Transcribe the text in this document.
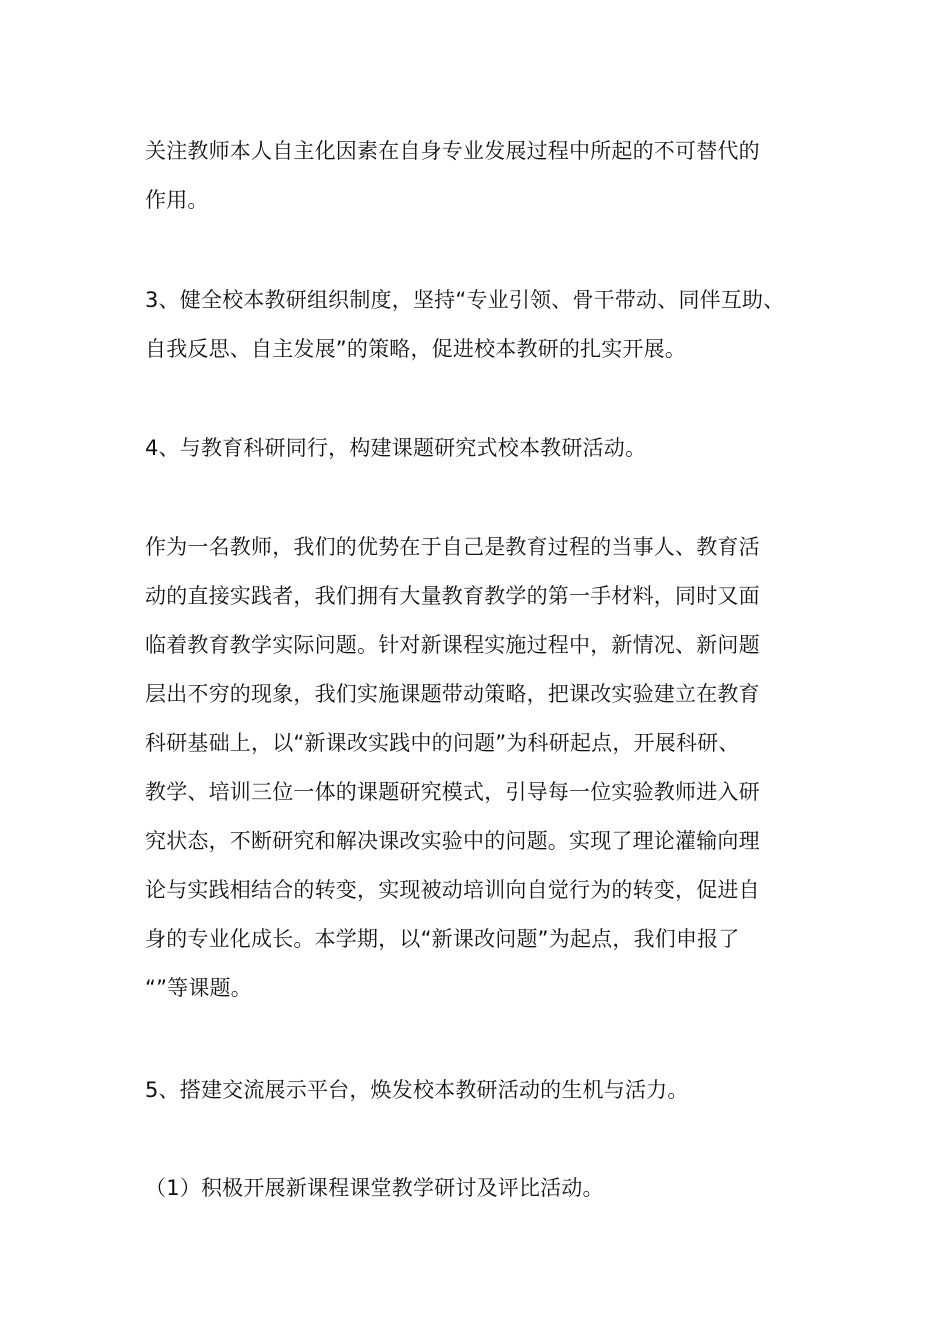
关注教师本人自主化因素在自身专业发展过程中所起的不可替代的
作用。

3、健全校本教研组织制度，坚持“专业引领、骨干带动、同伴互助、
自我反思、自主发展”的策略，促进校本教研的扎实开展。

4、与教育科研同行，构建课题研究式校本教研活动。

作为一名教师，我们的优势在于自己是教育过程的当事人、教育活
动的直接实践者，我们拥有大量教育教学的第一手材料，同时又面
临着教育教学实际问题。针对新课程实施过程中，新情况、新问题
层出不穷的现象，我们实施课题带动策略，把课改实验建立在教育
科研基础上，以“新课改实践中的问题”为科研起点，开展科研、
教学、培训三位一体的课题研究模式，引导每一位实验教师进入研
究状态，不断研究和解决课改实验中的问题。实现了理论灌输向理
论与实践相结合的转变，实现被动培训向自觉行为的转变，促进自
身的专业化成长。本学期，以“新课改问题”为起点，我们申报了
“”等课题。

5、搭建交流展示平台，焕发校本教研活动的生机与活力。

（1）积极开展新课程课堂教学研讨及评比活动。
